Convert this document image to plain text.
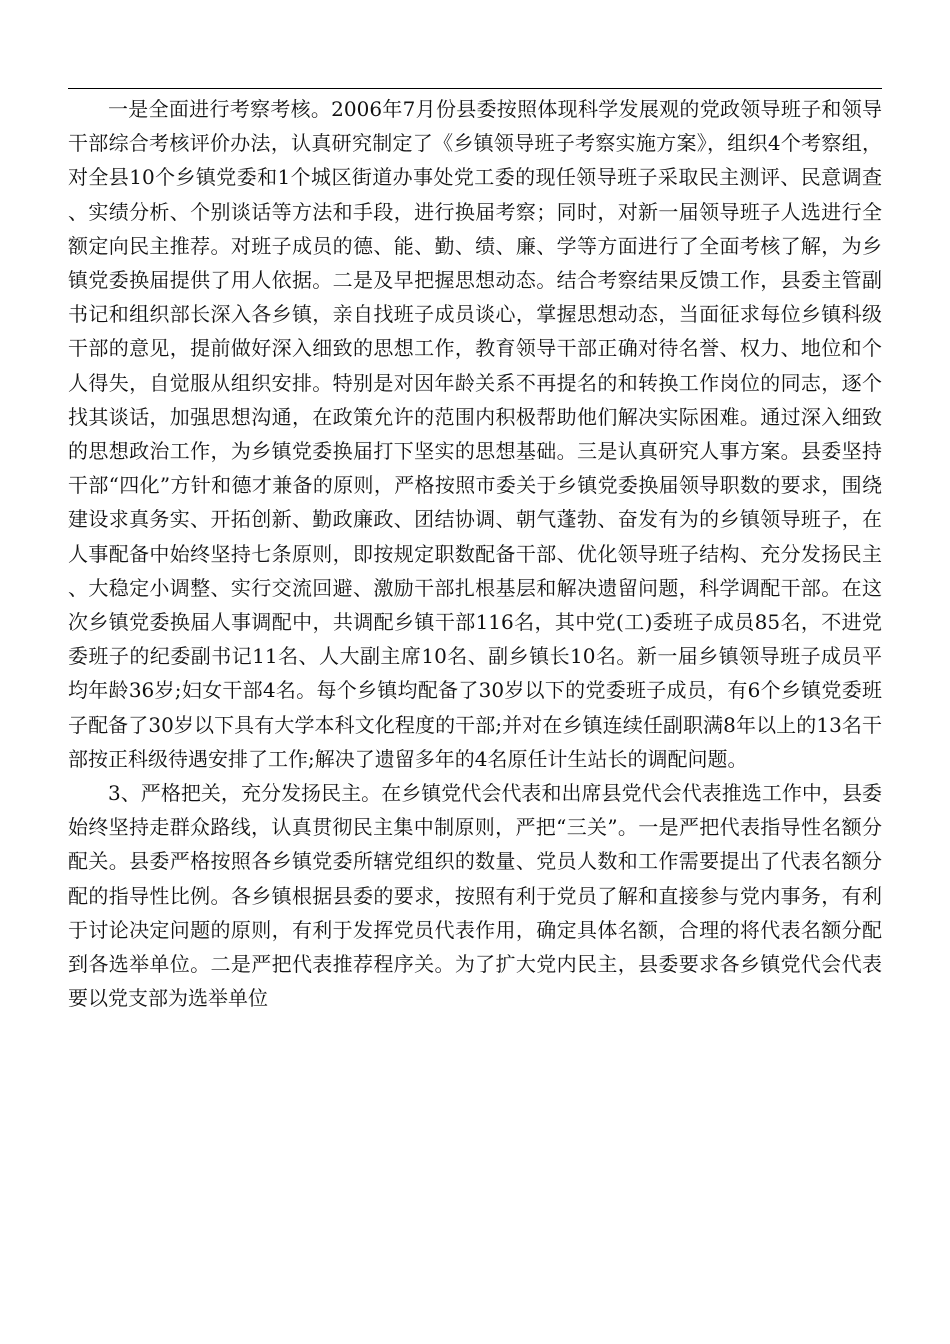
一是全面进行考察考核。2006年7月份县委按照体现科学发展观的党政领导班子和领导干部综合考核评价办法，认真研究制定了《乡镇领导班子考察实施方案》，组织4个考察组，对全县10个乡镇党委和1个城区街道办事处党工委的现任领导班子采取民主测评、民意调查、实绩分析、个别谈话等方法和手段，进行换届考察；同时，对新一届领导班子人选进行全额定向民主推荐。对班子成员的德、能、勤、绩、廉、学等方面进行了全面考核了解，为乡镇党委换届提供了用人依据。二是及早把握思想动态。结合考察结果反馈工作，县委主管副书记和组织部长深入各乡镇，亲自找班子成员谈心，掌握思想动态，当面征求每位乡镇科级干部的意见，提前做好深入细致的思想工作，教育领导干部正确对待名誉、权力、地位和个人得失，自觉服从组织安排。特别是对因年龄关系不再提名的和转换工作岗位的同志，逐个找其谈话，加强思想沟通，在政策允许的范围内积极帮助他们解决实际困难。通过深入细致的思想政治工作，为乡镇党委换届打下坚实的思想基础。三是认真研究人事方案。县委坚持干部“四化”方针和德才兼备的原则，严格按照市委关于乡镇党委换届领导职数的要求，围绕建设求真务实、开拓创新、勤政廉政、团结协调、朝气蓬勃、奋发有为的乡镇领导班子，在人事配备中始终坚持七条原则，即按规定职数配备干部、优化领导班子结构、充分发扬民主、大稳定小调整、实行交流回避、激励干部扎根基层和解决遗留问题，科学调配干部。在这次乡镇党委换届人事调配中，共调配乡镇干部116名，其中党(工)委班子成员85名，不进党委班子的纪委副书记11名、人大副主席10名、副乡镇长10名。新一届乡镇领导班子成员平均年龄36岁;妇女干部4名。每个乡镇均配备了30岁以下的党委班子成员，有6个乡镇党委班子配备了30岁以下具有大学本科文化程度的干部;并对在乡镇连续任副职满8年以上的13名干部按正科级待遇安排了工作;解决了遗留多年的4名原任计生站长的调配问题。

3、严格把关，充分发扬民主。在乡镇党代会代表和出席县党代会代表推选工作中，县委始终坚持走群众路线，认真贯彻民主集中制原则，严把“三关”。一是严把代表指导性名额分配关。县委严格按照各乡镇党委所辖党组织的数量、党员人数和工作需要提出了代表名额分配的指导性比例。各乡镇根据县委的要求，按照有利于党员了解和直接参与党内事务，有利于讨论决定问题的原则，有利于发挥党员代表作用，确定具体名额，合理的将代表名额分配到各选举单位。二是严把代表推荐程序关。为了扩大党内民主，县委要求各乡镇党代会代表要以党支部为选举单位
